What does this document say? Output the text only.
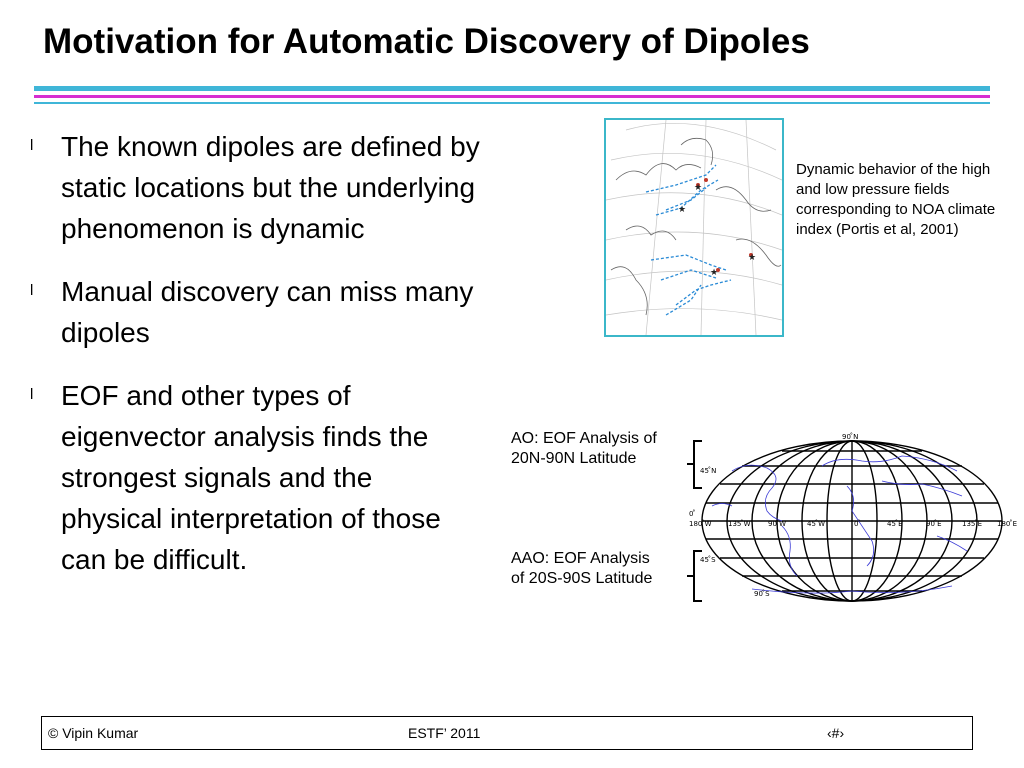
Motivation for Automatic Discovery of Dipoles
l The known dipoles are defined by static locations but the underlying phenomenon is dynamic
l Manual discovery can miss many dipoles
l EOF and other types of eigenvector analysis finds the strongest signals and the physical interpretation of those can be difficult.
★
★
★
★
Dynamic behavior of the high and low pressure fields corresponding to NOA climate index (Portis et al, 2001)
AO: EOF Analysis of 20N-90N Latitude
AAO: EOF Analysis of 20S-90S Latitude
90 ̊N
45 ̊N
0 ̊
45 ̊S
90 ̊S
180 ̊W 135 ̊W 90 ̊W	45 ̊W	0 ̊	45 ̊E	90 ̊E	135 ̊E 180 ̊E
© Vipin Kumar	ESTF’ 2011	‹#›
